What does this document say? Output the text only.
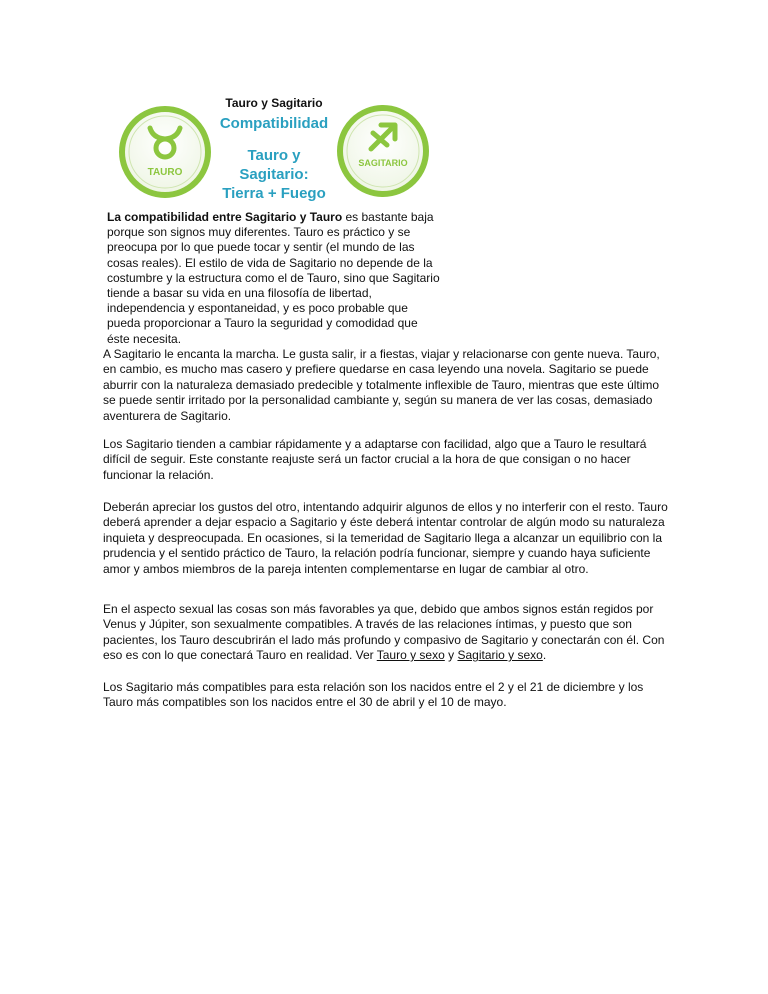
TAURO
Tauro y Sagitario
Compatibilidad
Tauro y
Sagitario:
Tierra + Fuego
SAGITARIO

La compatibilidad entre Sagitario y Tauro es bastante baja porque son signos muy diferentes. Tauro es práctico y se preocupa por lo que puede tocar y sentir (el mundo de las cosas reales). El estilo de vida de Sagitario no depende de la costumbre y la estructura como el de Tauro, sino que Sagitario tiende a basar su vida en una filosofía de libertad, independencia y espontaneidad, y es poco probable que pueda proporcionar a Tauro la seguridad y comodidad que éste necesita.

A Sagitario le encanta la marcha. Le gusta salir, ir a fiestas, viajar y relacionarse con gente nueva. Tauro, en cambio, es mucho mas casero y prefiere quedarse en casa leyendo una novela. Sagitario se puede aburrir con la naturaleza demasiado predecible y totalmente inflexible de Tauro, mientras que este último se puede sentir irritado por la personalidad cambiante y, según su manera de ver las cosas, demasiado aventurera de Sagitario.

Los Sagitario tienden a cambiar rápidamente y a adaptarse con facilidad, algo que a Tauro le resultará difícil de seguir. Este constante reajuste será un factor crucial a la hora de que consigan o no hacer funcionar la relación.

Deberán apreciar los gustos del otro, intentando adquirir algunos de ellos y no interferir con el resto. Tauro deberá aprender a dejar espacio a Sagitario y éste deberá intentar controlar de algún modo su naturaleza inquieta y despreocupada. En ocasiones, si la temeridad de Sagitario llega a alcanzar un equilibrio con la prudencia y el sentido práctico de Tauro, la relación podría funcionar, siempre y cuando haya suficiente amor y ambos miembros de la pareja intenten complementarse en lugar de cambiar al otro.

En el aspecto sexual las cosas son más favorables ya que, debido que ambos signos están regidos por Venus y Júpiter, son sexualmente compatibles. A través de las relaciones íntimas, y puesto que son pacientes, los Tauro descubrirán el lado más profundo y compasivo de Sagitario y conectarán con él. Con eso es con lo que conectará Tauro en realidad. Ver Tauro y sexo y Sagitario y sexo.

Los Sagitario más compatibles para esta relación son los nacidos entre el 2 y el 21 de diciembre y los Tauro más compatibles son los nacidos entre el 30 de abril y el 10 de mayo.
